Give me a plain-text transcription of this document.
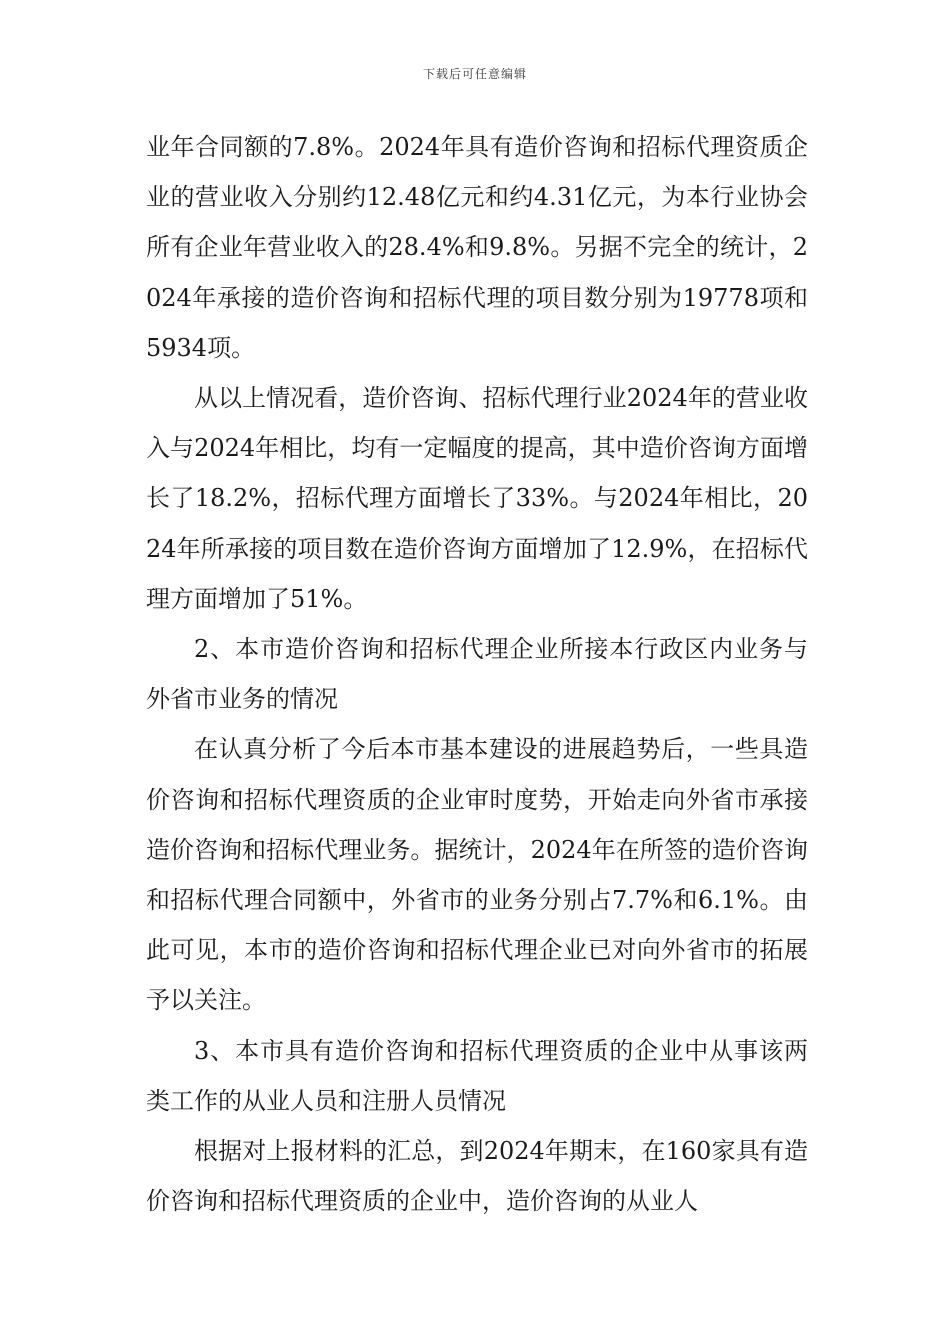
下载后可任意编辑

业年合同额的7.8%。2024年具有造价咨询和招标代理资质企业的营业收入分别约12.48亿元和约4.31亿元，为本行业协会所有企业年营业收入的28.4%和9.8%。另据不完全的统计，2024年承接的造价咨询和招标代理的项目数分别为19778项和5934项。

从以上情况看，造价咨询、招标代理行业2024年的营业收入与2024年相比，均有一定幅度的提高，其中造价咨询方面增长了18.2%，招标代理方面增长了33%。与2024年相比，2024年所承接的项目数在造价咨询方面增加了12.9%，在招标代理方面增加了51%。

2、本市造价咨询和招标代理企业所接本行政区内业务与外省市业务的情况

在认真分析了今后本市基本建设的进展趋势后，一些具造价咨询和招标代理资质的企业审时度势，开始走向外省市承接造价咨询和招标代理业务。据统计，2024年在所签的造价咨询和招标代理合同额中，外省市的业务分别占7.7%和6.1%。由此可见，本市的造价咨询和招标代理企业已对向外省市的拓展予以关注。

3、本市具有造价咨询和招标代理资质的企业中从事该两类工作的从业人员和注册人员情况

根据对上报材料的汇总，到2024年期末，在160家具有造价咨询和招标代理资质的企业中，造价咨询的从业人
